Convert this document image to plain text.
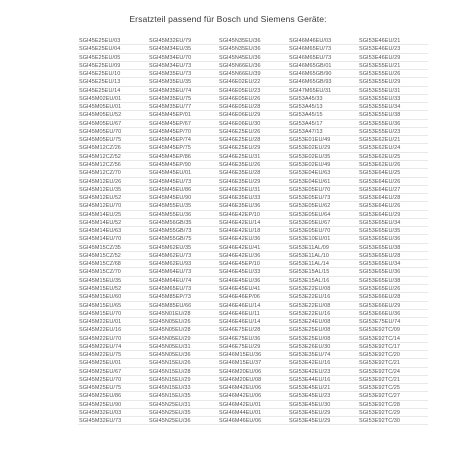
Ersatzteil passend für Bosch und Siemens Geräte:
SGI45E25EU/03	SGI45M32EU/79	SGI45N35EU/36	SGI46M46EU/03	SGI53E46EU/21
SGI45E25EU/04	SGI45M34EU/35	SGI45N35EU/36	SGI46M65EU/73	SGI53E46EU/23
SGI45E25EU/05	SGI45M34EU/70	SGI45N45EU/36	SGI46M65EU/73	SGI53E46EU/29
SGI45E25EU/09	SGI45M34EU/73	SGI45N66EU/36	SGI46M65GB/01	SGI53E55EU/21
SGI45E25EU/10	SGI45M35EU/73	SGI45N66EU/39	SGI46M65GB/90	SGI53E55EU/26
SGI45E25EU/13	SGI45M35EU/35	SGI46E02EU/22	SGI46M65GB/93	SGI53E55EU/29
SGI45E25EU/14	SGI45M35EU/74	SGI46E05EU/23	SGI47M65EU/31	SGI53E55EU/31
SGI45M02EU/01	SGI45M35EU/75	SGI46E05EU/26	SGI53A45/33	SGI53E55EU/33
SGI45M05EU/01	SGI45M35EU/77	SGI46E05EU/28	SGI53A45/13	SGI53E55EU/34
SGI45M05EU/52	SGI45M45EP/01	SGI46E06EU/29	SGI53A45/15	SGI53E55EU/38
SGI45M05EU/67	SGI45M45EP/67	SGI46E06EU/30	SGI53A45/17	SGI53E55EU/36
SGI45M05EU/70	SGI45M45EP/70	SGI46E25EU/26	SGI53A47/13	SGI53E55EU/23
SGI45M05EU/75	SGI45M45EP/74	SGI46E25EU/28	SGI53E01EU/49	SGI53E62EU/21
SGI45M12CZ/26	SGI45M45EP/75	SGI46E25EU/29	SGI53E02EU/29	SGI53E62EU/24
SGI45M12CZ/52	SGI45M45EP/86	SGI46E25EU/31	SGI53E02EU/35	SGI53E62EU/25
SGI45M12CZ/56	SGI45M45EP/90	SGI46E35EU/26	SGI53E02EU/49	SGI53E62EU/26
SGI45M12CZ/70	SGI45M45EU/01	SGI46E35EU/28	SGI53E04EU/63	SGI53E64EU/25
SGI45M12EU/26	SGI45M45EU/73	SGI46E35EU/29	SGI53E04EU/61	SGI53E64EU/26
SGI45M12EU/35	SGI45M45EU/86	SGI46E35EU/31	SGI53E05EU/70	SGI53E64EU/27
SGI45M12EU/52	SGI45M45EU/90	SGI46E35EU/33	SGI53E05EU/73	SGI53E64EU/28
SGI45M12EU/70	SGI45M55EU/35	SGI46E35EU/36	SGI53E05EU/62	SGI53E64EU/26
SGI45M14EU/25	SGI45M55EU/36	SGI46E42EP/10	SGI53E05EU/64	SGI53E64EU/29
SGI45M14EU/52	SGI45M56GB/35	SGI46E42EU/14	SGI53E05EU/67	SGI53E65EU/34
SGI45M14EU/63	SGI45M55GB/73	SGI46E42EU/18	SGI53E05EU/70	SGI53E65EU/35
SGI45M14EU/70	SGI45M55GB/75	SGI46E42EU/36	SGI53E10EU/01	SGI53E65EU/36
SGI45M15CZ/35	SGI45M62EU/35	SGI46E42EU/41	SGI53E11AL/09	SGI53E65EU/38
SGI45M15CZ/52	SGI45M62EU/73	SGI46E42EU/36	SGI53E11AL/10	SGI53E65EU/28
SGI45M15CZ/68	SGI45M62EU/93	SGI46E45EP/10	SGI53E11AL/14	SGI53E65EU/34
SGI45M15CZ/70	SGI45M64EU/73	SGI46E45EU/33	SGI53E15AL/15	SGI53E65EU/36
SGI45M15EU/35	SGI45M64EU/74	SGI46E45EU/36	SGI53E15AL/16	SGI53E65EU/38
SGI45M15EU/52	SGI45M65EU/73	SGI46E45EU/41	SGI53E22EU/08	SGI53E65EU/26
SGI45M15EU/60	SGI45M85EP/73	SGI46E46EP/06	SGI53E22EU/16	SGI53E66EU/28
SGI45M15EU/65	SGI45M85EU/66	SGI46E46EU/14	SGI53E22EU/08	SGI53E66EU/29
SGI45M15EU/70	SGI45N01EU/28	SGI46E46EU/11	SGI53E22EU/16	SGI53E66EU/36
SGI45M22EU/01	SGI45N05EU/26	SGI46E46EU/14	SGI53E24EU/08	SGI53E75EU/74
SGI45M22EU/16	SGI45N05EU/28	SGI46E75EU/28	SGI53E25EU/08	SGI53E92TC/09
SGI45M22EU/70	SGI45N05EU/29	SGI46E75EU/36	SGI53E25EU/08	SGI53E92TC/14
SGI45M22EU/74	SGI45N05EU/31	SGI46E75EU/29	SGI53E26EU/30	SGI53E92TC/17
SGI45M22EU/75	SGI45N05EU/36	SGI46M15EU/36	SGI53E35EU/74	SGI53E92TC/20
SGI45M25EU/01	SGI45N15EU/26	SGI46M15EU/37	SGI53E42EU/16	SGI53E92TC/21
SGI45M25EU/67	SGI45N15EU/28	SGI46M20EU/06	SGI53E42EU/23	SGI53E92TC/24
SGI45M25EU/70	SGI45N15EU/29	SGI46M20EU/08	SGI53E44EU/16	SGI53E92TC/21
SGI45M25EU/75	SGI45N15EU/33	SGI46M42EU/06	SGI53E45EU/21	SGI53E92TC/25
SGI45M25EU/86	SGI45N15EU/35	SGI46M42EU/06	SGI53E45EU/23	SGI53E92TC/27
SGI45M25EU/90	SGI45N25EU/31	SGI46M42EU/01	SGI53E45EU/30	SGI53E92TC/28
SGI45M32EU/03	SGI45N25EU/35	SGI46M44EU/01	SGI53E45EU/29	SGI53E92TC/29
SGI45M32EU/73	SGI45N25EU/36	SGI46M46EU/06	SGI53E45EU/29	SGI53E92TC/30
